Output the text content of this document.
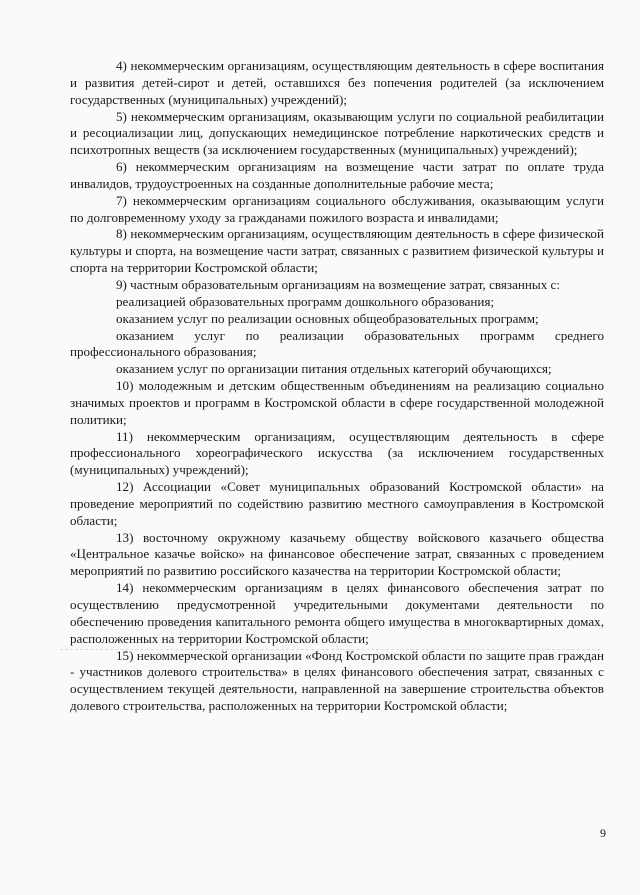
4) некоммерческим организациям, осуществляющим деятельность в сфере воспитания и развития детей-сирот и детей, оставшихся без попечения родителей (за исключением государственных (муниципальных) учреждений);

5) некоммерческим организациям, оказывающим услуги по социальной реабилитации и ресоциализации лиц, допускающих немедицинское потребление наркотических средств и психотропных веществ (за исключением государственных (муниципальных) учреждений);

6) некоммерческим организациям на возмещение части затрат по оплате труда инвалидов, трудоустроенных на созданные дополнительные рабочие места;

7) некоммерческим организациям социального обслуживания, оказывающим услуги по долговременному уходу за гражданами пожилого возраста и инвалидами;

8) некоммерческим организациям, осуществляющим деятельность в сфере физической культуры и спорта, на возмещение части затрат, связанных с развитием физической культуры и спорта на территории Костромской области;

9) частным образовательным организациям на возмещение затрат, связанных с:

реализацией образовательных программ дошкольного образования;

оказанием услуг по реализации основных общеобразовательных программ;

оказанием услуг по реализации образовательных программ среднего профессионального образования;

оказанием услуг по организации питания отдельных категорий обучающихся;

10) молодежным и детским общественным объединениям на реализацию социально значимых проектов и программ в Костромской области в сфере государственной молодежной политики;

11) некоммерческим организациям, осуществляющим деятельность в сфере профессионального хореографического искусства (за исключением государственных (муниципальных) учреждений);

12) Ассоциации «Совет муниципальных образований Костромской области» на проведение мероприятий по содействию развитию местного самоуправления в Костромской области;

13) восточному окружному казачьему обществу войскового казачьего общества «Центральное казачье войско» на финансовое обеспечение затрат, связанных с проведением мероприятий по развитию российского казачества на территории Костромской области;

14) некоммерческим организациям в целях финансового обеспечения затрат по осуществлению предусмотренной учредительными документами деятельности по обеспечению проведения капитального ремонта общего имущества в многоквартирных домах, расположенных на территории Костромской области;

15) некоммерческой организации «Фонд Костромской области по защите прав граждан - участников долевого строительства» в целях финансового обеспечения затрат, связанных с осуществлением текущей деятельности, направленной на завершение строительства объектов долевого строительства, расположенных на территории Костромской области;

9
